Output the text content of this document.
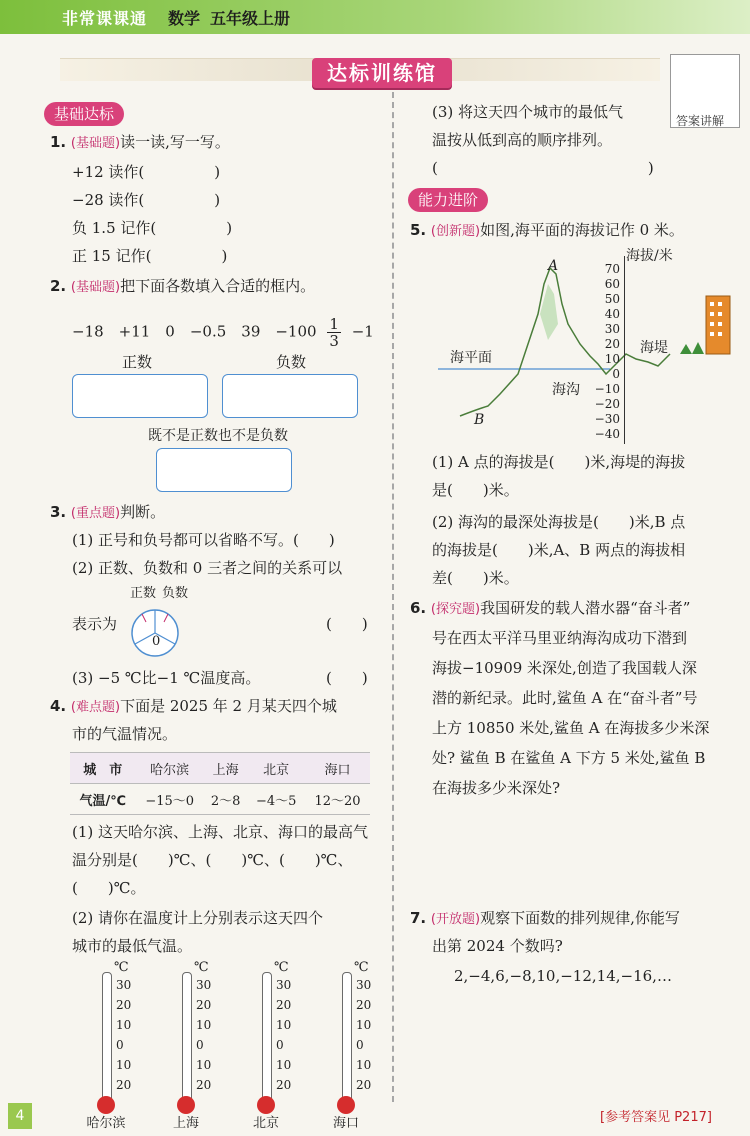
非常课课通 数学 五年级上册
达标训练馆
答案讲解
基础达标
1. (基础题)读一读,写一写。
+12 读作(	)
−28 读作(	)
负 1.5 记作(	)
正 15 记作(	)
2. (基础题)把下面各数填入合适的框内。
−18　+11　0　−0.5　39　$-100 \frac{1}{3} -1$
正数	负数
既不是正数也不是负数
3. (重点题)判断。
(1) 正号和负号都可以省略不写。(　　)
(2) 正数、负数和 0 三者之间的关系可以
正数 负数
0
表示为	(　　)
(3) −5 ℃比−1 ℃温度高。	(　　)
4. (难点题)下面是 2025 年 2 月某天四个城
市的气温情况。
城　市	哈尔滨	上海	北京	海口
气温/℃	−15～0	2～8	−4～5	12～20
(1) 这天哈尔滨、上海、北京、海口的最高气
温分别是(　　)℃、(　　)℃、(　　)℃、
(　　)℃。
(2) 请你在温度计上分别表示这天四个
城市的最低气温。
℃
30
20
10
0
10
20
℃
30
20
10
0
10
20
℃
30
20
10
0
10
20
℃
30
20
10
0
10
20
哈尔滨	上海	北京	海口
(3) 将这天四个城市的最低气
温按从低到高的顺序排列。
(　　　　　　　　　　　　　　)
能力进阶
5. (创新题)如图,海平面的海拔记作 0 米。
A
B
海平面
海沟
海堤
海拔/米
70
60
50
40
30
20
10
0
−10
−20
−30
−40
(1) A 点的海拔是(　　)米,海堤的海拔
是(　　)米。
(2) 海沟的最深处海拔是(　　)米,B 点
的海拔是(　　)米,A、B 两点的海拔相
差(　　)米。
6. (探究题)我国研发的载人潜水器“奋斗者”
号在西太平洋马里亚纳海沟成功下潜到
海拔−10909 米深处,创造了我国载人深
潜的新纪录。此时,鲨鱼 A 在“奋斗者”号
上方 10850 米处,鲨鱼 A 在海拔多少米深
处? 鲨鱼 B 在鲨鱼 A 下方 5 米处,鲨鱼 B
在海拔多少米深处?
7. (开放题)观察下面数的排列规律,你能写
出第 2024 个数吗?
2,−4,6,−8,10,−12,14,−16,…
4	[参考答案见 P217]
